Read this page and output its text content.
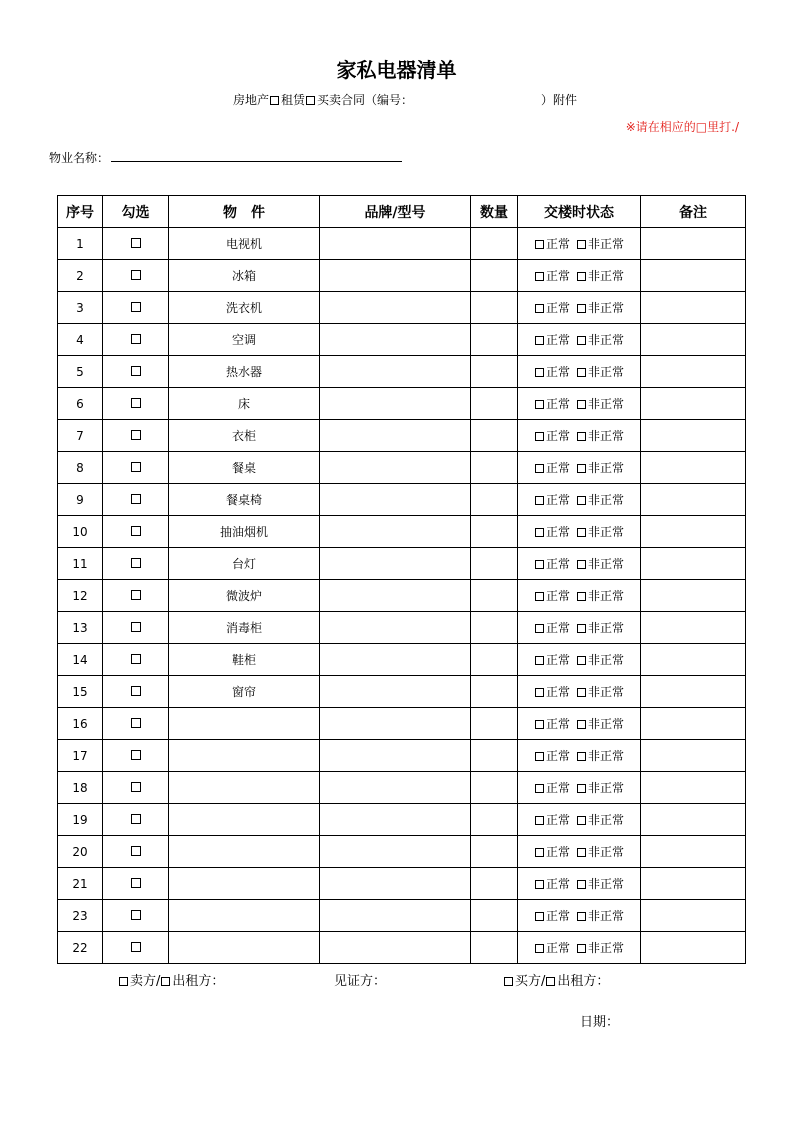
家私电器清单
房地产 租赁 买卖合同（编号：	）附件
※请在相应的□里打./
物业名称：
序号	勾选	物　件	品牌/型号	数量	交楼时状态	备注
1		电视机			正常 非正常	
2		冰箱			正常 非正常	
3		洗衣机			正常 非正常	
4		空调			正常 非正常	
5		热水器			正常 非正常	
6		床			正常 非正常	
7		衣柜			正常 非正常	
8		餐桌			正常 非正常	
9		餐桌椅			正常 非正常	
10		抽油烟机			正常 非正常	
11		台灯			正常 非正常	
12		微波炉			正常 非正常	
13		消毒柜			正常 非正常	
14		鞋柜			正常 非正常	
15		窗帘			正常 非正常	
16					正常 非正常	
17					正常 非正常	
18					正常 非正常	
19					正常 非正常	
20					正常 非正常	
21					正常 非正常	
23					正常 非正常	
22					正常 非正常	
卖方/ 出租方：	见证方：	买方/ 出租方：
日期：
